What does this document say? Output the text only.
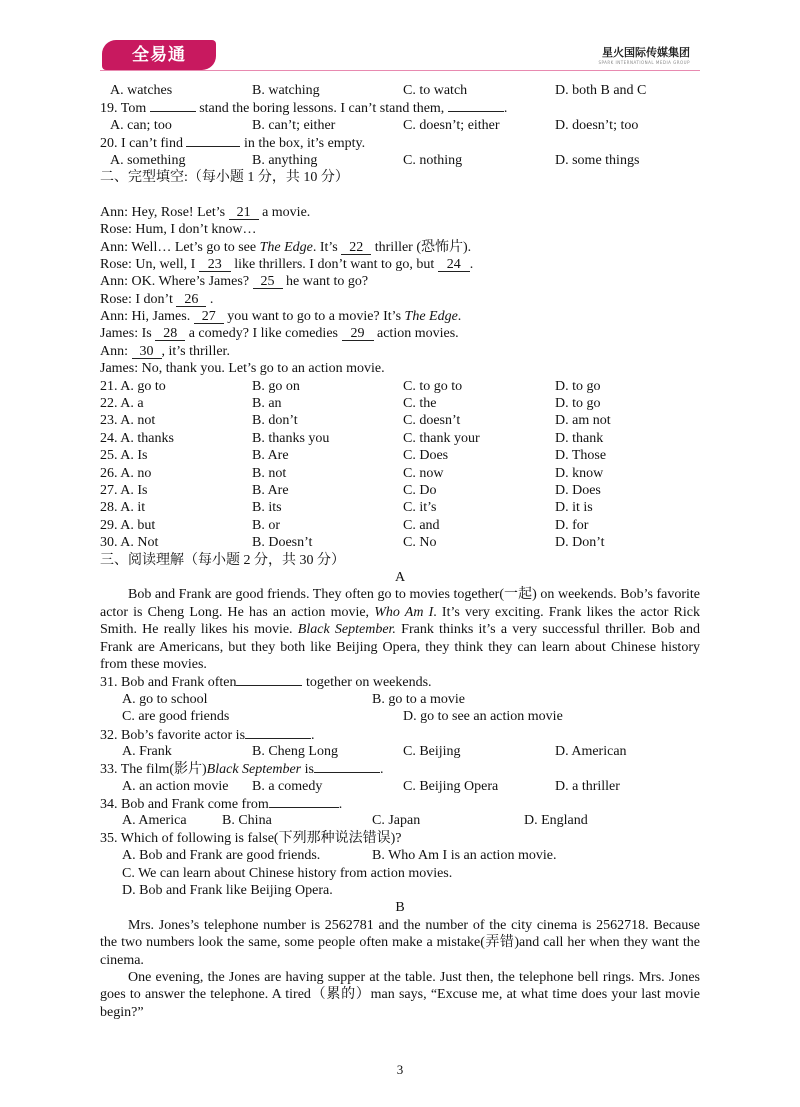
全易通	星火国际传媒集团
SPARK INTERNATIONAL MEDIA GROUP
A. watches	B. watching	C. to watch	D. both B and C
19. Tom	stand the boring lessons. I can’t stand them,	.
A. can; too	B. can’t; either	C. doesn’t; either	D. doesn’t; too
20. I can’t find	in the box, it’s empty.
A. something	B. anything	C. nothing	D. some things
二、完型填空:（每小题 1 分，共 10 分）
Ann: Hey, Rose! Let’s 21 a movie.
Rose: Hum, I don’t know…
Ann: Well… Let’s go to see The Edge. It’s 22 thriller (恐怖片).
Rose: Un, well, I 23 like thrillers. I don’t want to go, but 24 .
Ann: OK. Where’s James? 25 he want to go?
Rose: I don’t 26 .
Ann: Hi, James. 27 you want to go to a movie? It’s The Edge.
James: Is 28 a comedy? I like comedies 29 action movies.
Ann: 30 , it’s thriller.
James: No, thank you. Let’s go to an action movie.
21. A. go to	B. go on	C. to go to	D. to go
22. A. a	B. an	C. the	D. to go
23. A. not	B. don’t	C. doesn’t	D. am not
24. A. thanks	B. thanks you	C. thank your	D. thank
25. A. Is	B. Are	C. Does	D. Those
26. A. no	B. not	C. now	D. know
27. A. Is	B. Are	C. Do	D. Does
28. A. it	B. its	C. it’s	D. it is
29. A. but	B. or	C. and	D. for
30. A. Not	B. Doesn’t	C. No	D. Don’t
三、阅读理解（每小题 2 分，共 30 分）
A
Bob and Frank are good friends. They often go to movies together(一起) on weekends. Bob’s favorite actor is Cheng Long. He has an action movie, Who Am I. It’s very exciting. Frank likes the actor Rick Smith. He really likes his movie. Black September. Frank thinks it’s a very successful thriller. Bob and Frank are Americans, but they both like Beijing Opera, they think they can learn about Chinese history from these movies.
31. Bob and Frank often	together on weekends.
A. go to school	B. go to a movie
C. are good friends	D. go to see an action movie
32. Bob’s favorite actor is	.
A. Frank	B. Cheng Long	C. Beijing	D. American
33. The film(影片)Black September is	.
A. an action movie B. a comedy	C. Beijing Opera	D. a thriller
34. Bob and Frank come from	.
A. America	B. China	C. Japan	D. England
35. Which of following is false(下列那种说法错误)?
A. Bob and Frank are good friends.	B. Who Am I is an action movie.
C. We can learn about Chinese history from action movies.
D. Bob and Frank like Beijing Opera.
B
Mrs. Jones’s telephone number is 2562781 and the number of the city cinema is 2562718. Because the two numbers look the same, some people often make a mistake(弄错)and call her when they want the cinema.
One evening, the Jones are having supper at the table. Just then, the telephone bell rings. Mrs. Jones goes to answer the telephone. A tired（累的）man says, “Excuse me, at what time does your last movie begin?”
3
